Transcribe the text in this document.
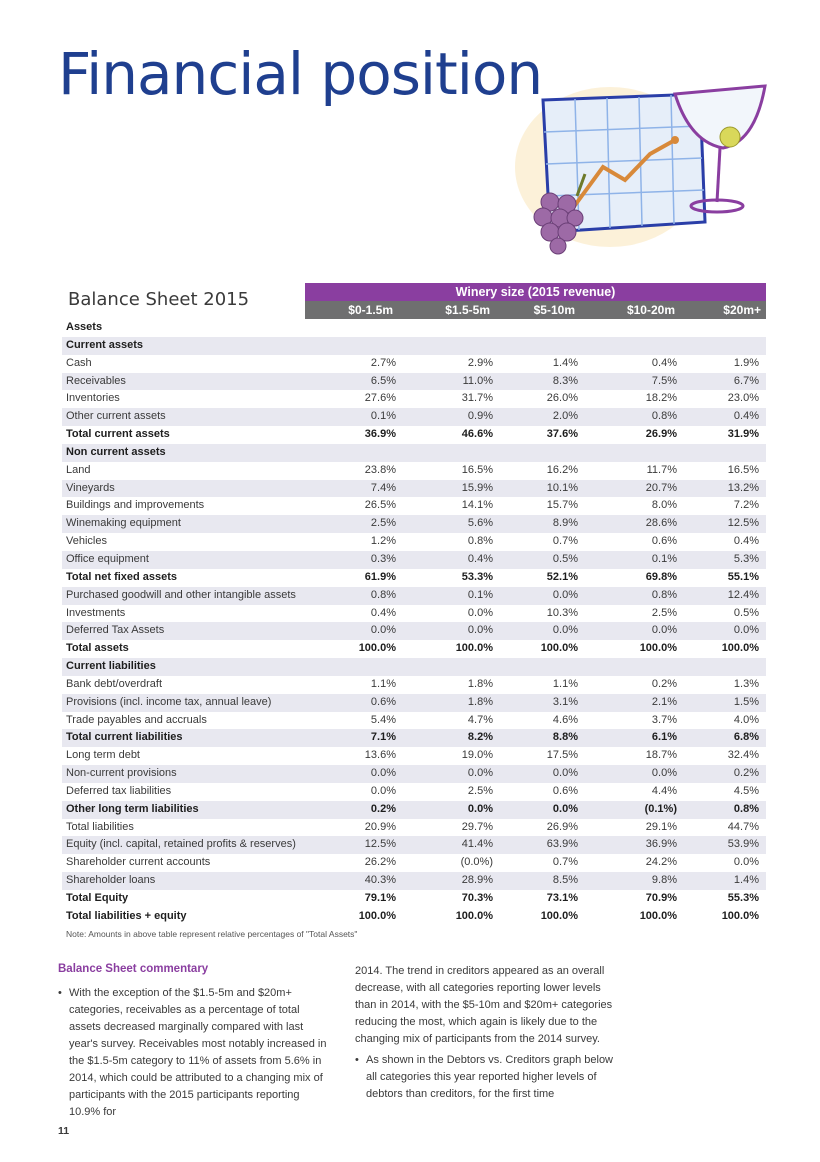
Financial position
Balance Sheet 2015	Winery size (2015 revenue)
$0-1.5m	$1.5-5m	$5-10m	$10-20m	$20m+
Assets
Current assets
Cash	2.7%	2.9%	1.4%	0.4%	1.9%
Receivables	6.5%	11.0%	8.3%	7.5%	6.7%
Inventories	27.6%	31.7%	26.0%	18.2%	23.0%
Other current assets	0.1%	0.9%	2.0%	0.8%	0.4%
Total current assets	36.9%	46.6%	37.6%	26.9%	31.9%
Non current assets
Land	23.8%	16.5%	16.2%	11.7%	16.5%
Vineyards	7.4%	15.9%	10.1%	20.7%	13.2%
Buildings and improvements	26.5%	14.1%	15.7%	8.0%	7.2%
Winemaking equipment	2.5%	5.6%	8.9%	28.6%	12.5%
Vehicles	1.2%	0.8%	0.7%	0.6%	0.4%
Office equipment	0.3%	0.4%	0.5%	0.1%	5.3%
Total net fixed assets	61.9%	53.3%	52.1%	69.8%	55.1%
Purchased goodwill and other intangible assets	0.8%	0.1%	0.0%	0.8%	12.4%
Investments	0.4%	0.0%	10.3%	2.5%	0.5%
Deferred Tax Assets	0.0%	0.0%	0.0%	0.0%	0.0%
Total assets	100.0%	100.0%	100.0%	100.0%	100.0%
Current liabilities
Bank debt/overdraft	1.1%	1.8%	1.1%	0.2%	1.3%
Provisions (incl. income tax, annual leave)	0.6%	1.8%	3.1%	2.1%	1.5%
Trade payables and accruals	5.4%	4.7%	4.6%	3.7%	4.0%
Total current liabilities	7.1%	8.2%	8.8%	6.1%	6.8%
Long term debt	13.6%	19.0%	17.5%	18.7%	32.4%
Non-current provisions	0.0%	0.0%	0.0%	0.0%	0.2%
Deferred tax liabilities	0.0%	2.5%	0.6%	4.4%	4.5%
Other long term liabilities	0.2%	0.0%	0.0%	(0.1%)	0.8%
Total liabilities	20.9%	29.7%	26.9%	29.1%	44.7%
Equity (incl. capital, retained profits & reserves)	12.5%	41.4%	63.9%	36.9%	53.9%
Shareholder current accounts	26.2%	(0.0%)	0.7%	24.2%	0.0%
Shareholder loans	40.3%	28.9%	8.5%	9.8%	1.4%
Total Equity	79.1%	70.3%	73.1%	70.9%	55.3%
Total liabilities + equity	100.0%	100.0%	100.0%	100.0%	100.0%
Note: Amounts in above table represent relative percentages of "Total Assets"
Balance Sheet commentary
• With the exception of the $1.5-5m and $20m+ categories, receivables as a percentage of total assets decreased marginally compared with last year's survey. Receivables most notably increased in the $1.5-5m category to 11% of assets from 5.6% in 2014, which could be attributed to a changing mix of participants with the 2015 participants reporting 10.9% for
2014. The trend in creditors appeared as an overall decrease, with all categories reporting lower levels than in 2014, with the $5-10m and $20m+ categories reducing the most, which again is likely due to the changing mix of participants from the 2014 survey.
• As shown in the Debtors vs. Creditors graph below all categories this year reported higher levels of debtors than creditors, for the first time
11
